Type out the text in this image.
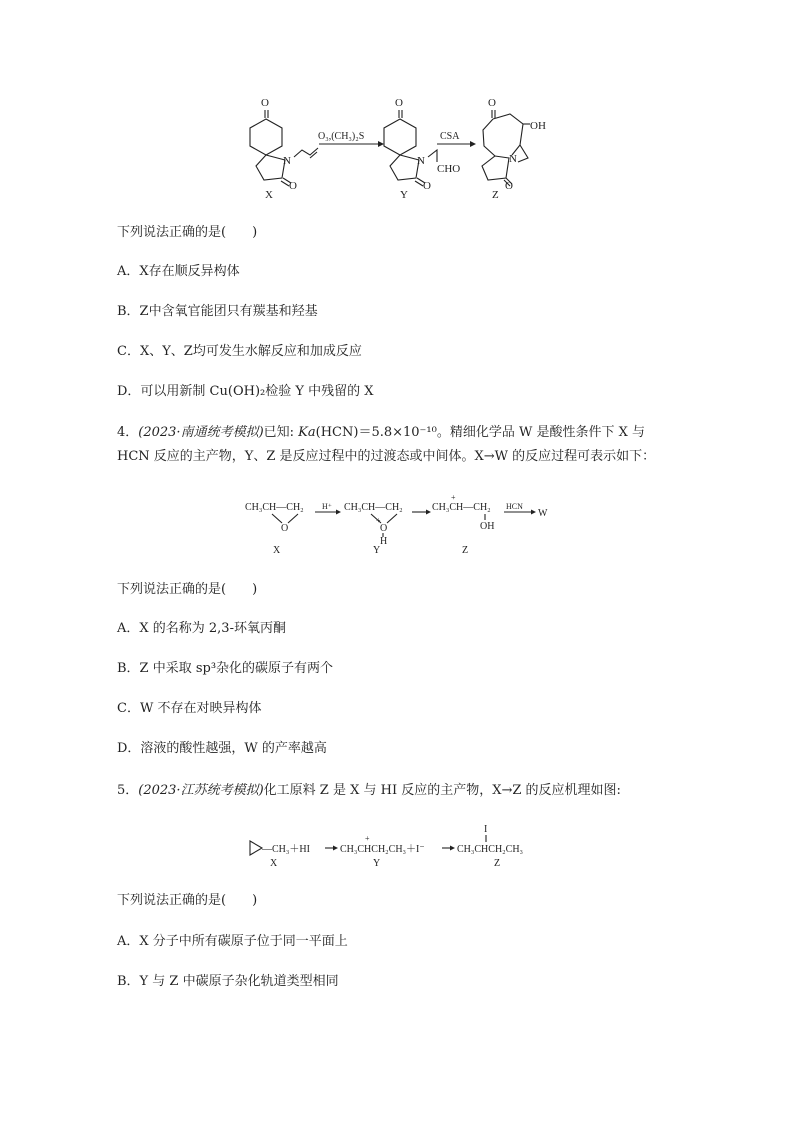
O
N
O
X
O₃,(CH₃)₂S
O
N
O
CHO
Y
CSA
O
N
O
OH
Z
下列说法正确的是(　　)
A．X存在顺反异构体
B．Z中含氧官能团只有羰基和羟基
C．X、Y、Z均可发生水解反应和加成反应
D．可以用新制 Cu(OH)₂检验 Y 中残留的 X
4．(2023·南通统考模拟)已知: Ka(HCN)＝5.8×10⁻¹⁰。精细化学品 W 是酸性条件下 X 与 HCN 反应的主产物，Y、Z 是反应过程中的过渡态或中间体。X→W 的反应过程可表示如下：
CH₃CH—CH₂
O
X
H⁺ CH₃CH—CH₂
O
+
H
Y
+
CH₃CH—CH₂
OH
Z
HCN
W
下列说法正确的是(　　)
A．X 的名称为 2,3-环氧丙酮
B．Z 中采取 sp³杂化的碳原子有两个
C．W 不存在对映异构体
D．溶液的酸性越强，W 的产率越高
5．(2023·江苏统考模拟)化工原料 Z 是 X 与 HI 反应的主产物，X→Z 的反应机理如图:
—CH₃＋HI
X
+
CH₃CHCH₂CH₃＋I⁻
Y
I
CH₃CHCH₂CH₃
Z
下列说法正确的是(　　)
A．X 分子中所有碳原子位于同一平面上
B．Y 与 Z 中碳原子杂化轨道类型相同
